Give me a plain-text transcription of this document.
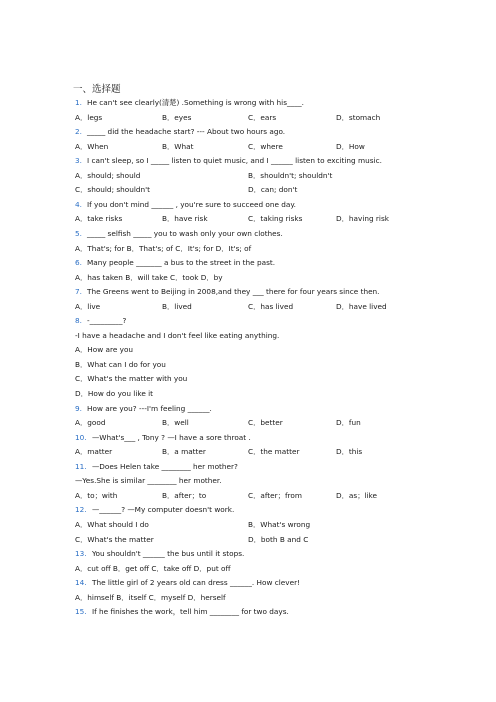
一、选择题
1. He can't see clearly(清楚) .Something is wrong with his____.
A．legs	B．eyes	C．ears	D．stomach
2. _____ did the headache start? --- About two hours ago.
A．When	B．What	C．where	D．How
3. I can't sleep, so I _____ listen to quiet music, and I ______ listen to exciting music.
A．should; should	B．shouldn't; shouldn't
C．should; shouldn't	D．can; don't
4. If you don't mind ______ , you're sure to succeed one day.
A．take risks	B．have risk	C．taking risks	D．having risk
5. _____ selfish _____ you to wash only your own clothes.
A．That's; for B．That's; of C．It's; for D．It's; of
6. Many people _______ a bus to the street in the past.
A．has taken B．will take C．took D．by
7. The Greens went to Beijing in 2008,and they ___ there for four years since then.
A．live	B．lived	C．has lived	D．have lived
8. -_________?
-I have a headache and I don't feel like eating anything.
A．How are you
B．What can I do for you
C．What's the matter with you
D．How do you like it
9. How are you? ---I'm feeling ______.
A．good	B．well	C．better	D．fun
10. —What's___ , Tony ? —I have a sore throat .
A．matter	B．a matter	C．the matter	D．this
11. —Does Helen take ________ her mother?
—Yes.She is similar ________ her mother.
A．to；with	B．after；to	C．after；from	D．as；like
12. —______? —My computer doesn't work.
A．What should I do	B．What's wrong
C．What's the matter	D．both B and C
13. You shouldn't ______ the bus until it stops.
A．cut off B．get off C．take off D．put off
14. The little girl of 2 years old can dress ______. How clever!
A．himself B．itself C．myself D．herself
15. If he finishes the work，tell him ________ for two days.
